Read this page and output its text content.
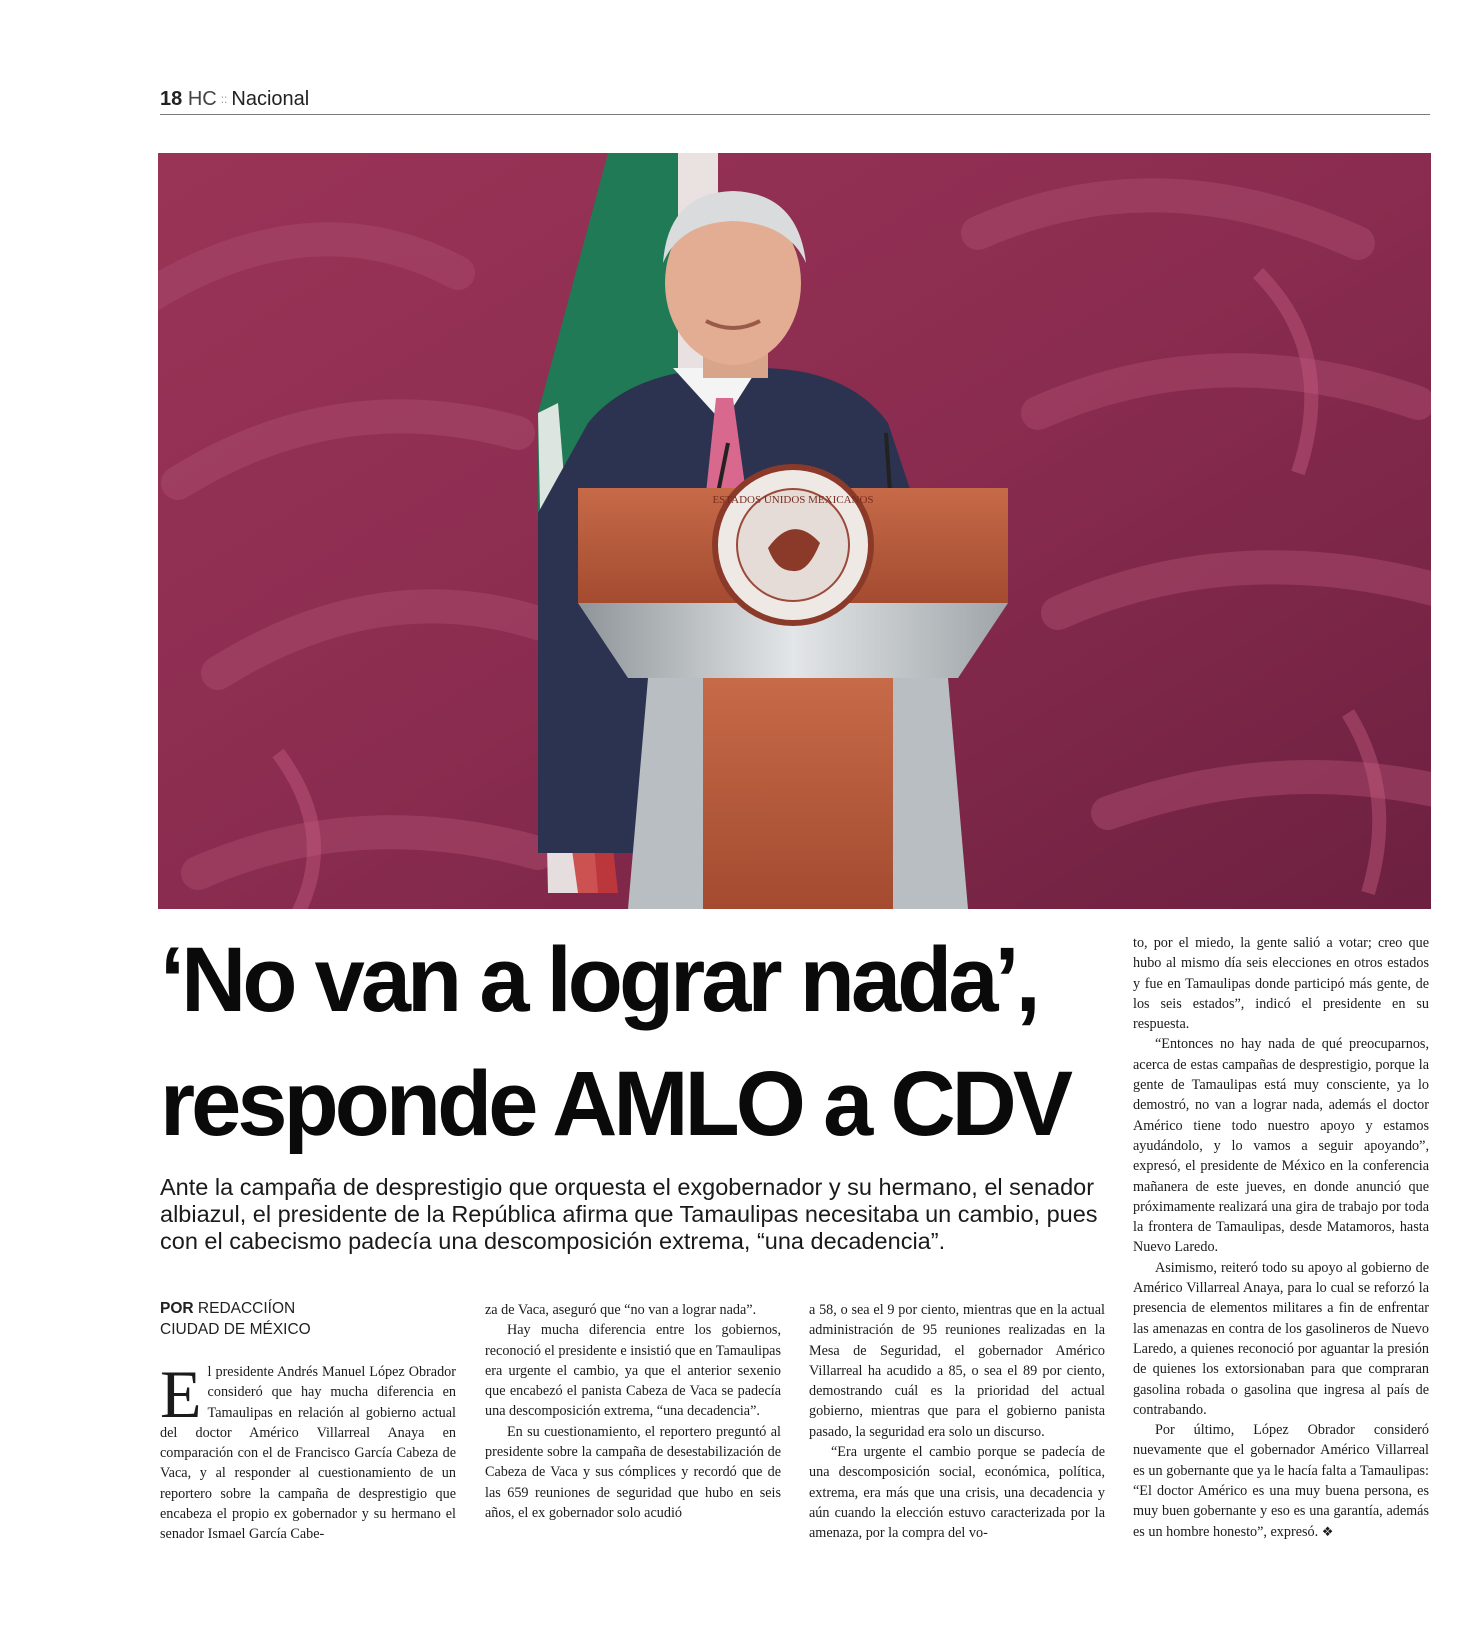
18 HC :: Nacional
ESTADOS UNIDOS MEXICANOS
‘No van a lograr nada’,
responde AMLO a CDV
Ante la campaña de desprestigio que orquesta el exgobernador y su hermano, el senador albiazul, el presidente de la República afirma que Tamaulipas necesitaba un cambio, pues con el cabecismo padecía una descomposición extrema, “una decadencia”.
POR REDACCIÍON
CIUDAD DE MÉXICO

El presidente Andrés Manuel López Obrador consideró que hay mucha diferencia en Tamaulipas en relación al gobierno actual del doctor Américo Villarreal Anaya en comparación con el de Francisco García Cabeza de Vaca, y al responder al cuestionamiento de un reportero sobre la campaña de desprestigio que encabeza el propio ex gobernador y su hermano el senador Ismael García Cabe-

za de Vaca, aseguró que “no van a lograr nada”.

Hay mucha diferencia entre los gobiernos, reconoció el presidente e insistió que en Tamaulipas era urgente el cambio, ya que el anterior sexenio que encabezó el panista Cabeza de Vaca se padecía una descomposición extrema, “una decadencia”.

En su cuestionamiento, el reportero preguntó al presidente sobre la campaña de desestabilización de Cabeza de Vaca y sus cómplices y recordó que de las 659 reuniones de seguridad que hubo en seis años, el ex gobernador solo acudió

a 58, o sea el 9 por ciento, mientras que en la actual administración de 95 reuniones realizadas en la Mesa de Seguridad, el gobernador Américo Villarreal ha acudido a 85, o sea el 89 por ciento, demostrando cuál es la prioridad del actual gobierno, mientras que para el gobierno panista pasado, la seguridad era solo un discurso.

“Era urgente el cambio porque se padecía de una descomposición social, económica, política, extrema, era más que una crisis, una decadencia y aún cuando la elección estuvo caracterizada por la amenaza, por la compra del vo-

to, por el miedo, la gente salió a votar; creo que hubo al mismo día seis elecciones en otros estados y fue en Tamaulipas donde participó más gente, de los seis estados”, indicó el presidente en su respuesta.

“Entonces no hay nada de qué preocuparnos, acerca de estas campañas de desprestigio, porque la gente de Tamaulipas está muy consciente, ya lo demostró, no van a lograr nada, además el doctor Américo tiene todo nuestro apoyo y estamos ayudándolo, y lo vamos a seguir apoyando”, expresó, el presidente de México en la conferencia mañanera de este jueves, en donde anunció que próximamente realizará una gira de trabajo por toda la frontera de Tamaulipas, desde Matamoros, hasta Nuevo Laredo.

Asimismo, reiteró todo su apoyo al gobierno de Américo Villarreal Anaya, para lo cual se reforzó la presencia de elementos militares a fin de enfrentar las amenazas en contra de los gasolineros de Nuevo Laredo, a quienes reconoció por aguantar la presión de quienes los extorsionaban para que compraran gasolina robada o gasolina que ingresa al país de contrabando.

Por último, López Obrador consideró nuevamente que el gobernador Américo Villarreal es un gobernante que ya le hacía falta a Tamaulipas: “El doctor Américo es una muy buena persona, es muy buen gobernante y eso es una garantía, además es un hombre honesto”, expresó. ❖
